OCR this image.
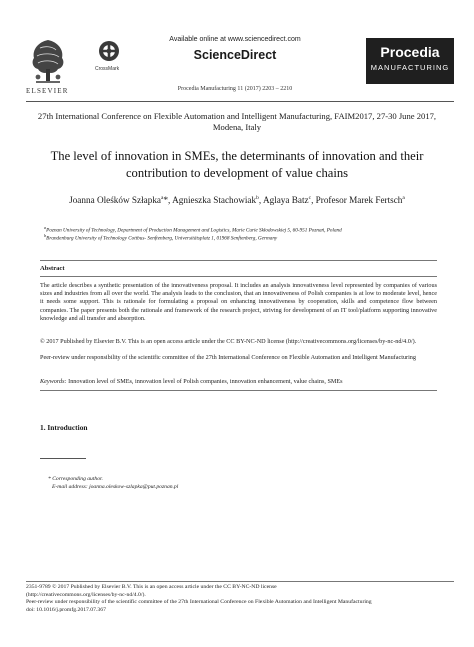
ELSEVIER
CrossMark
Available online at www.sciencedirect.com
ScienceDirect
Procedia Manufacturing 11 (2017) 2203 – 2210
Procedia
MANUFACTURING
27th International Conference on Flexible Automation and Intelligent Manufacturing, FAIM2017, 27-30 June 2017, Modena, Italy
The level of innovation in SMEs, the determinants of innovation and their contribution to development of value chains
Joanna Oleśków Szłapka$^a$*, Agnieszka Stachowiak$^b$, Aglaya Batz$^c$, Profesor Marek Fertsch$^a$
$^a$Poznan University of Technology, Department of Production Management and Logistics, Marie Curie Skłodowskiej 5, 60-951 Poznań, Poland
$^b$Brandenburg University of Technology Cottbus- Senftenberg, Universitätsplatz 1, 01968 Senftenberg, Germany
Abstract
The article describes a synthetic presentation of the innovativeness proposal. It includes an analysis innovativeness level represented by companies of various sizes and industries from all over the world. The analysis leads to the conclusion, that an innovativeness of Polish companies is at low to moderate level, hence it needs some support. This is rationale for formulating a proposal on enhancing innovativeness by cooperation, skills and competence flow between companies. The paper presents both the rationale and framework of the research project, striving for development of an IT tool/platform supporting innovative knowledge and all transfer and absorption.
© 2017 Published by Elsevier B.V. This is an open access article under the CC BY-NC-ND license (http://creativecommons.org/licenses/by-nc-nd/4.0/).
Peer-review under responsibility of the scientific committee of the 27th International Conference on Flexible Automation and Intelligent Manufacturing
Keywords: Innovation level of SMEs, innovation level of Polish companies, innovation enhancement, value chains, SMEs
1. Introduction
* Corresponding author.
E-mail address: joanna.oleskow-szlapka@put.poznan.pl
2351-9789 © 2017 Published by Elsevier B.V. This is an open access article under the CC BY-NC-ND license
(http://creativecommons.org/licenses/by-nc-nd/4.0/).
Peer-review under responsibility of the scientific committee of the 27th International Conference on Flexible Automation and Intelligent Manufacturing
doi: 10.1016/j.promfg.2017.07.367
